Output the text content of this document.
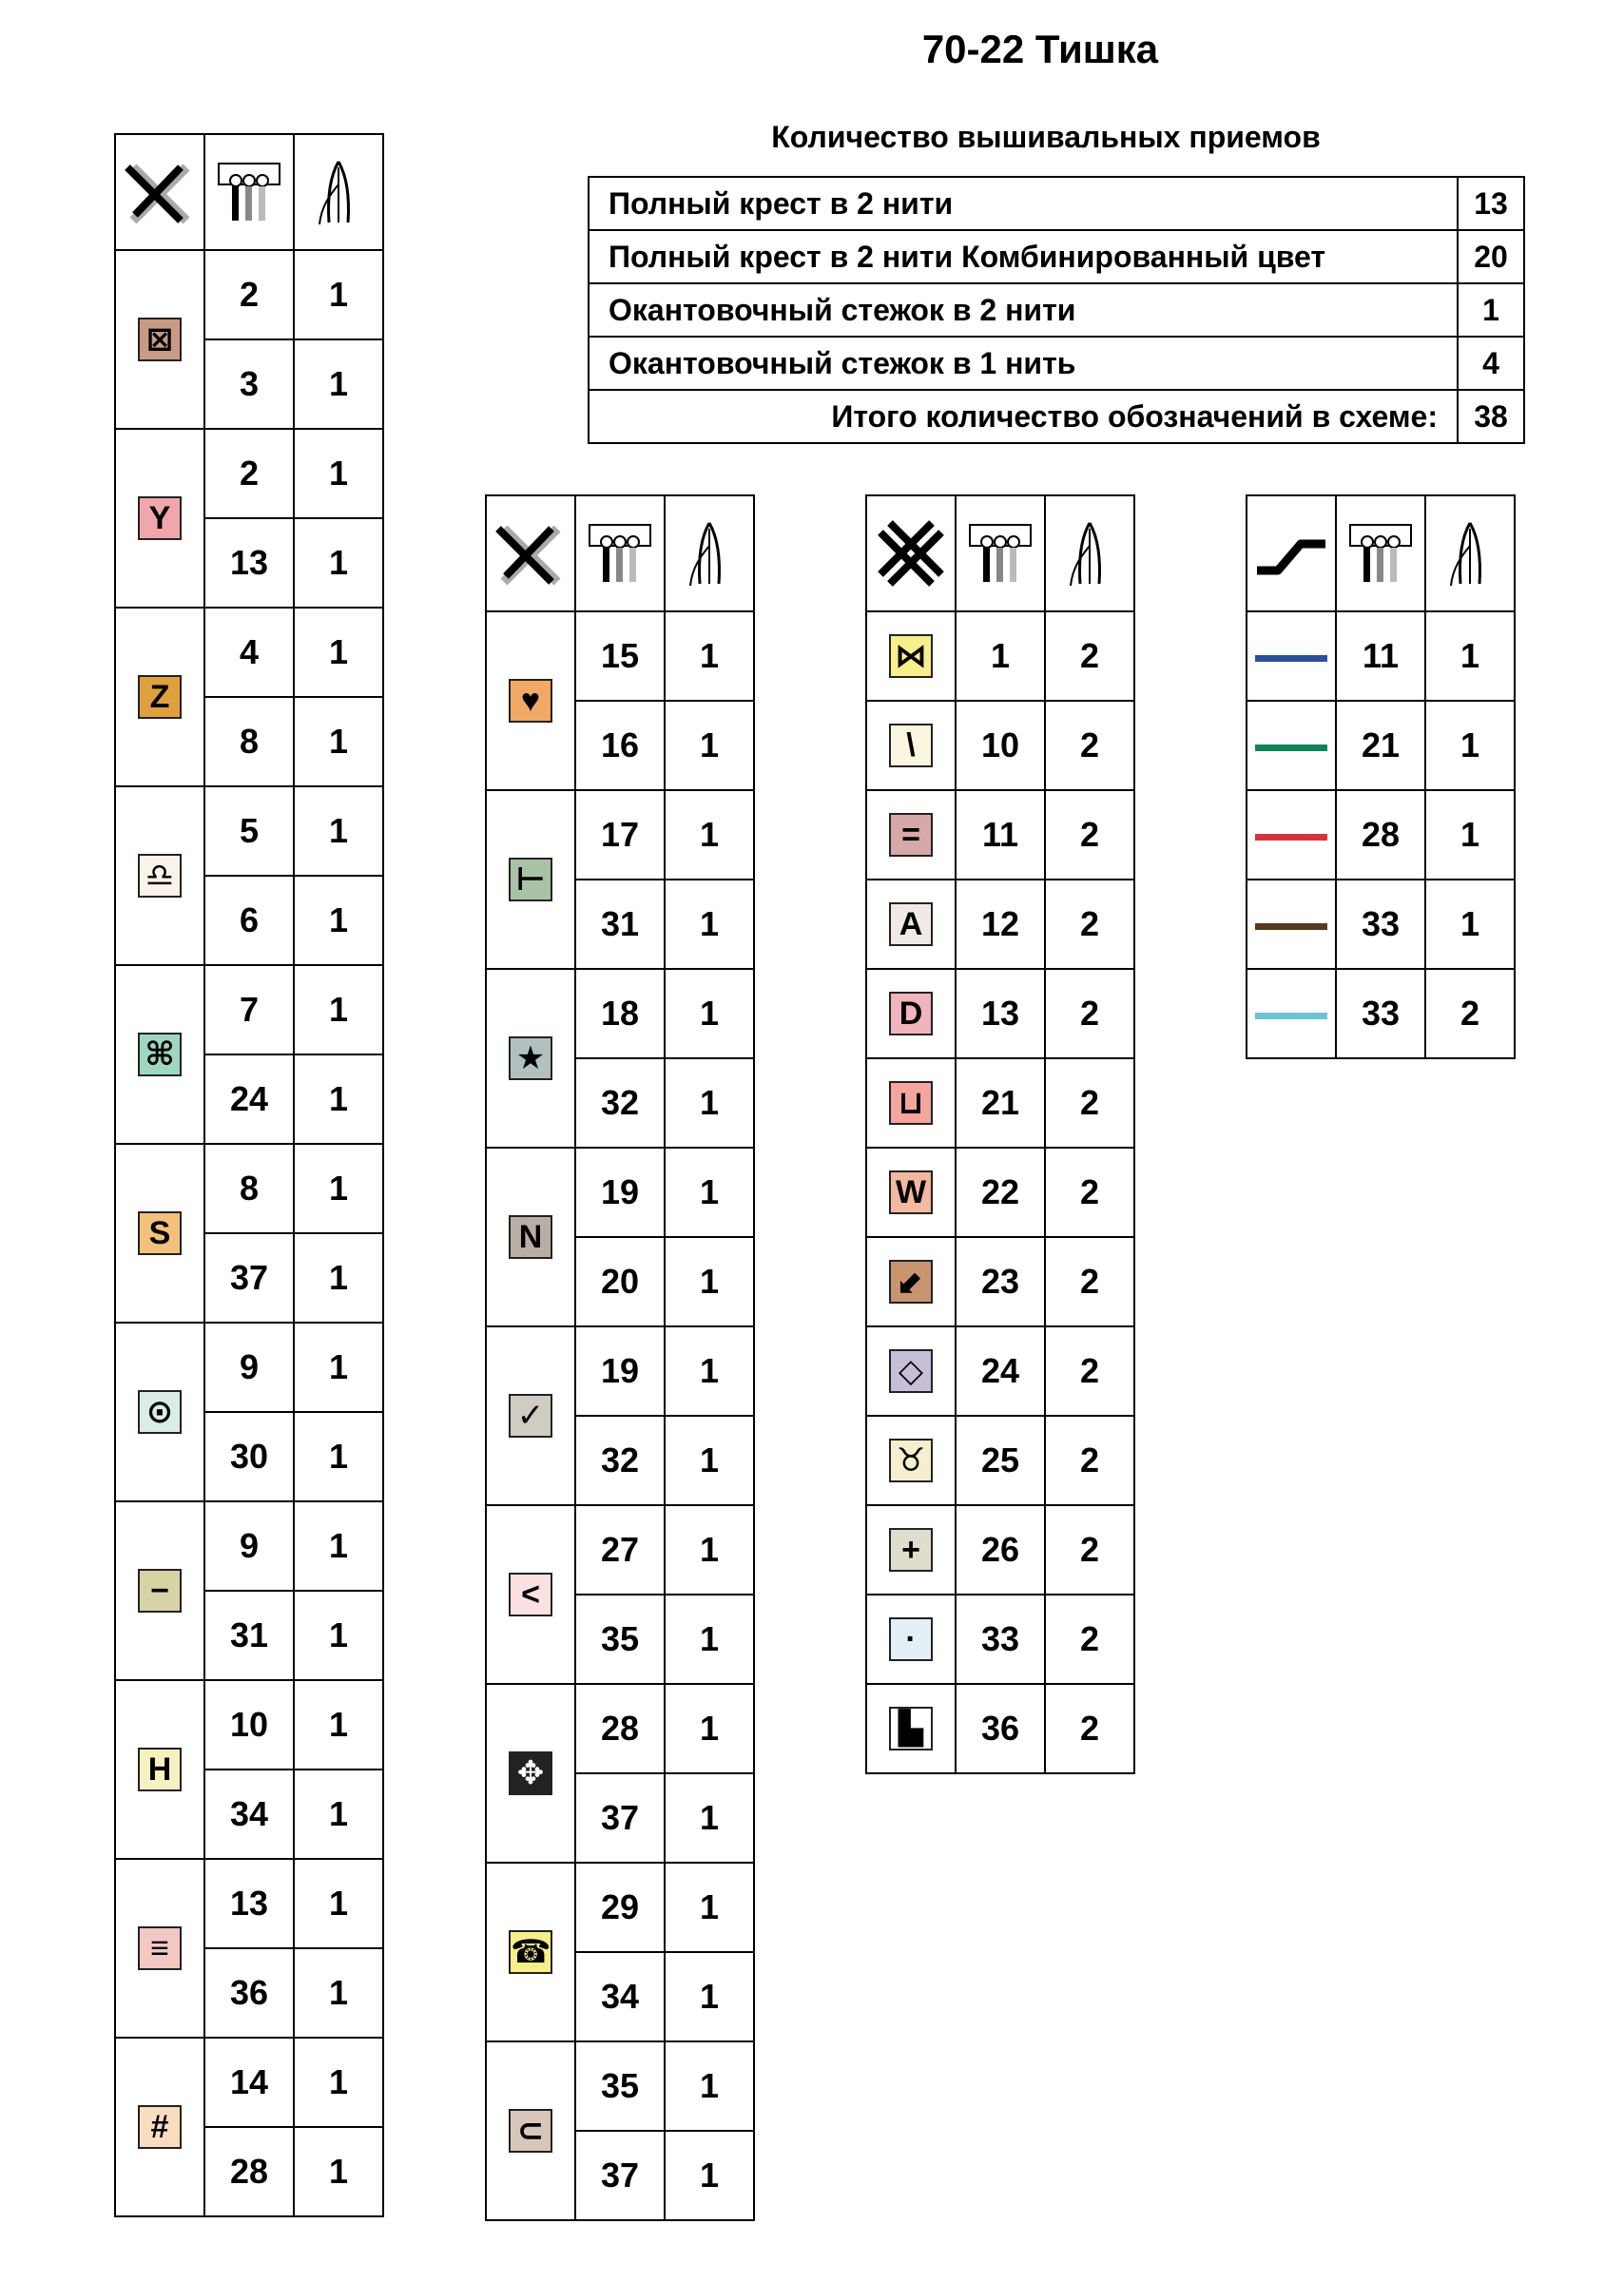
70-22 Тишка
Количество вышивальных приемов
Полный крест в 2 нити	13
Полный крест в 2 нити Комбинированный цвет	20
Окантовочный стежок в 2 нити	1
Окантовочный стежок в 1 нить	4
Итого количество обозначений в схеме:	38

⊠	2	1
	3	1
Y	2	1
	13	1
Z	4	1
	8	1
♎	5	1
	6	1
⌘	7	1
	24	1
S	8	1
	37	1
⊙	9	1
	30	1
−	9	1
	31	1
H	10	1
	34	1
≡	13	1
	36	1
#	14	1
	28	1

♥	15	1
	16	1
⊢	17	1
	31	1
★	18	1
	32	1
N	19	1
	20	1
✓	19	1
	32	1
<	27	1
	35	1
✥	28	1
	37	1
☎	29	1
	34	1
⊂	35	1
	37	1

⋈	1	2
\	10	2
=	11	2
A	12	2
D	13	2
⊔	21	2
W	22	2
⬋	23	2
◇	24	2
♉	25	2
+	26	2
·	33	2
▙	36	2

	11	1
	21	1
	28	1
	33	1
	33	2
